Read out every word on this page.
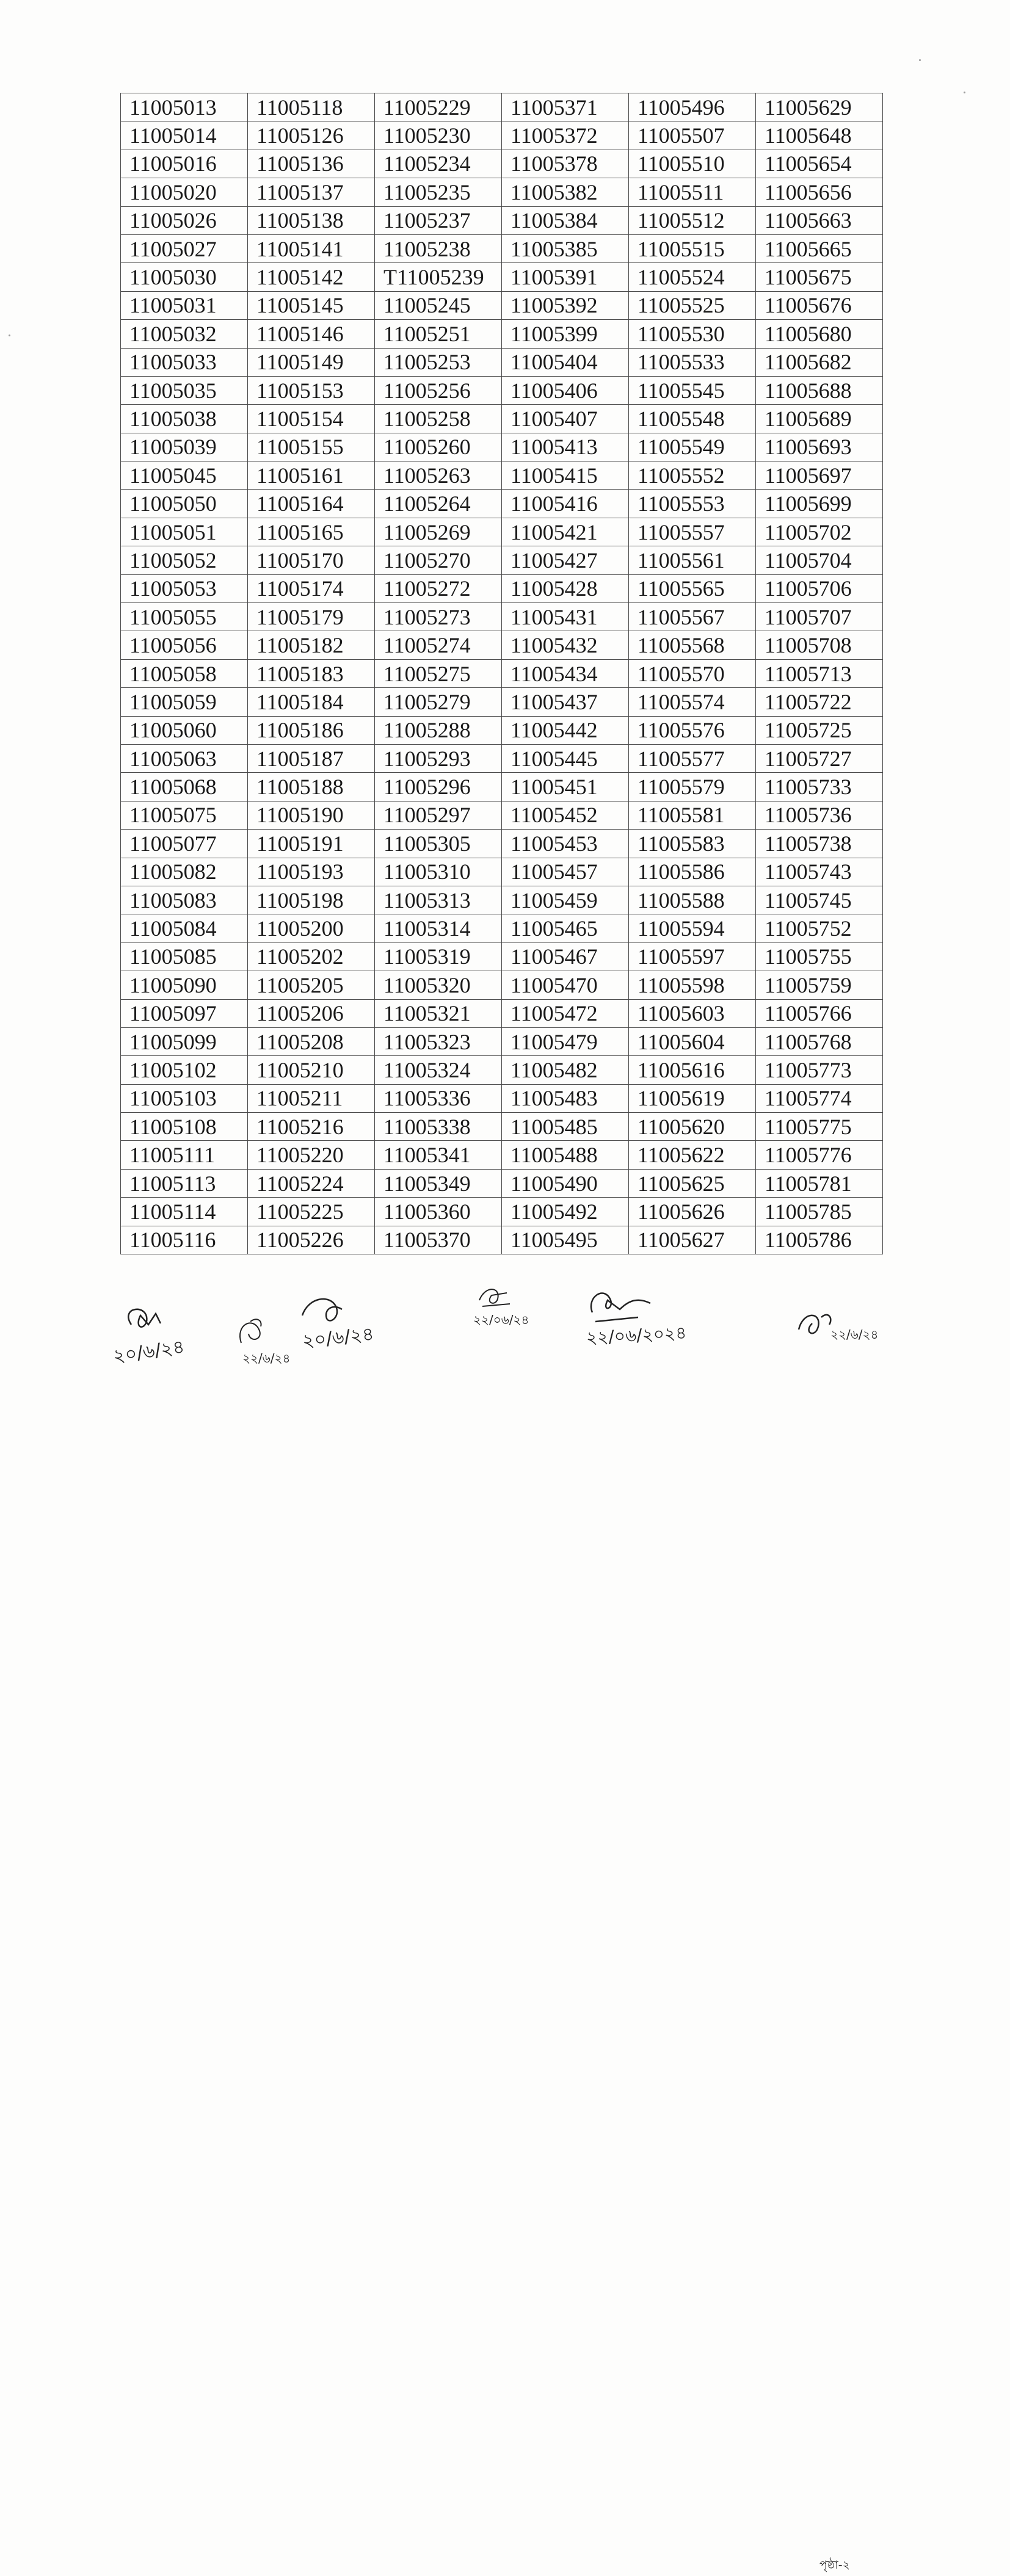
11005013	11005118	11005229	11005371	11005496	11005629
11005014	11005126	11005230	11005372	11005507	11005648
11005016	11005136	11005234	11005378	11005510	11005654
11005020	11005137	11005235	11005382	11005511	11005656
11005026	11005138	11005237	11005384	11005512	11005663
11005027	11005141	11005238	11005385	11005515	11005665
11005030	11005142	T11005239	11005391	11005524	11005675
11005031	11005145	11005245	11005392	11005525	11005676
11005032	11005146	11005251	11005399	11005530	11005680
11005033	11005149	11005253	11005404	11005533	11005682
11005035	11005153	11005256	11005406	11005545	11005688
11005038	11005154	11005258	11005407	11005548	11005689
11005039	11005155	11005260	11005413	11005549	11005693
11005045	11005161	11005263	11005415	11005552	11005697
11005050	11005164	11005264	11005416	11005553	11005699
11005051	11005165	11005269	11005421	11005557	11005702
11005052	11005170	11005270	11005427	11005561	11005704
11005053	11005174	11005272	11005428	11005565	11005706
11005055	11005179	11005273	11005431	11005567	11005707
11005056	11005182	11005274	11005432	11005568	11005708
11005058	11005183	11005275	11005434	11005570	11005713
11005059	11005184	11005279	11005437	11005574	11005722
11005060	11005186	11005288	11005442	11005576	11005725
11005063	11005187	11005293	11005445	11005577	11005727
11005068	11005188	11005296	11005451	11005579	11005733
11005075	11005190	11005297	11005452	11005581	11005736
11005077	11005191	11005305	11005453	11005583	11005738
11005082	11005193	11005310	11005457	11005586	11005743
11005083	11005198	11005313	11005459	11005588	11005745
11005084	11005200	11005314	11005465	11005594	11005752
11005085	11005202	11005319	11005467	11005597	11005755
11005090	11005205	11005320	11005470	11005598	11005759
11005097	11005206	11005321	11005472	11005603	11005766
11005099	11005208	11005323	11005479	11005604	11005768
11005102	11005210	11005324	11005482	11005616	11005773
11005103	11005211	11005336	11005483	11005619	11005774
11005108	11005216	11005338	11005485	11005620	11005775
11005111	11005220	11005341	11005488	11005622	11005776
11005113	11005224	11005349	11005490	11005625	11005781
11005114	11005225	11005360	11005492	11005626	11005785
11005116	11005226	11005370	11005495	11005627	11005786
পৃষ্ঠা-২
২০/৬/২৪	২২/৬/২৪
২০/৬/২৪
২২/০৬/২৪
২২/০৬/২০২৪	২২/৬/২৪
